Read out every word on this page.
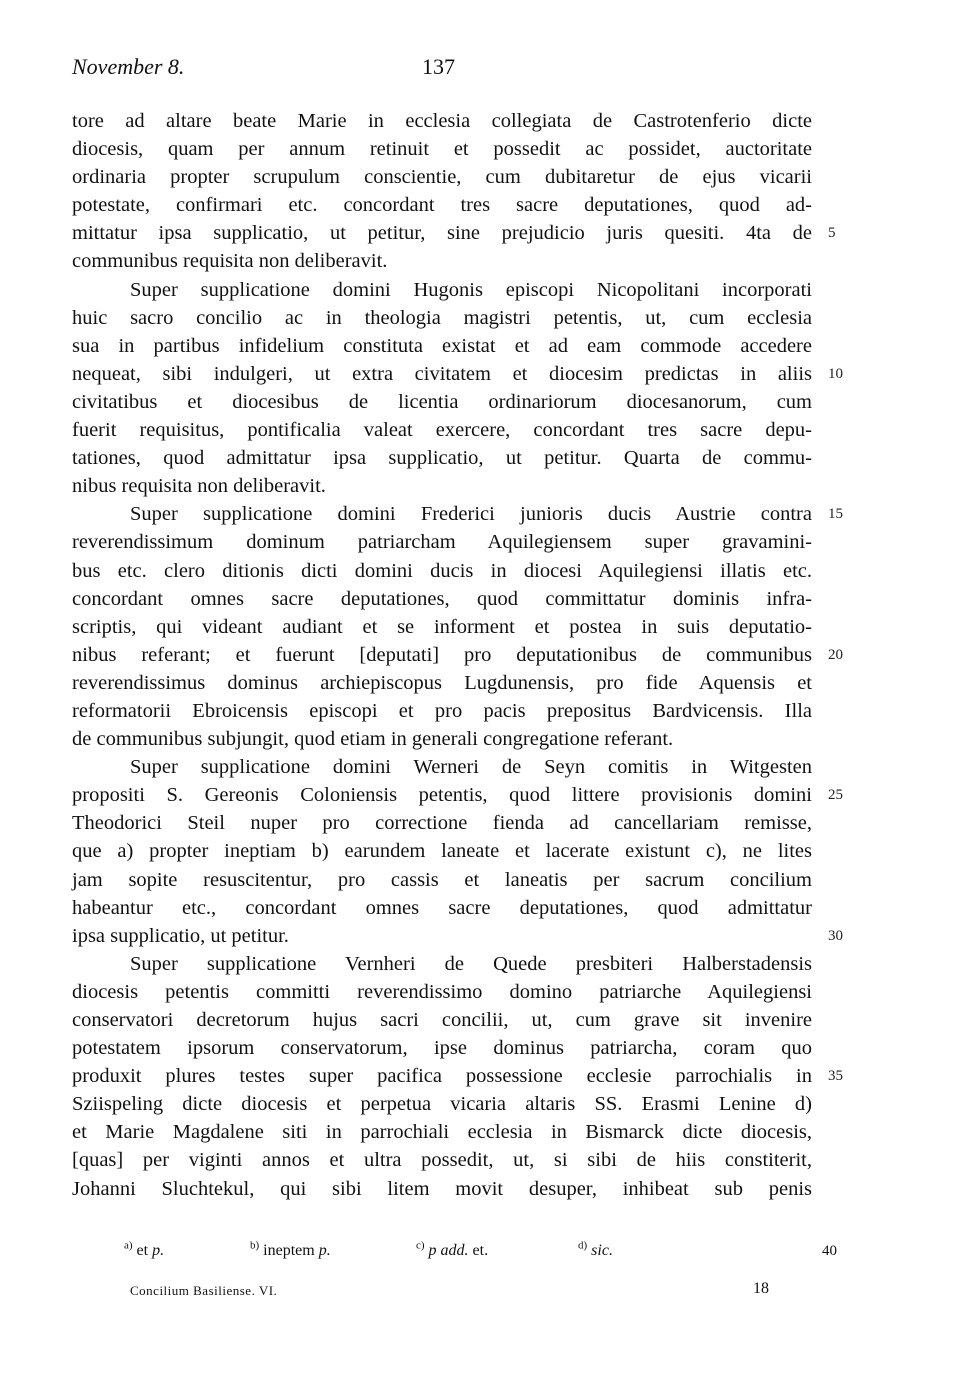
November 8.	137
tore ad altare beate Marie in ecclesia collegiata de Castrotenferio dicte
diocesis, quam per annum retinuit et possedit ac possidet, auctoritate
ordinaria propter scrupulum conscientie, cum dubitaretur de ejus vicarii
potestate, confirmari etc. concordant tres sacre deputationes, quod ad-
mittatur ipsa supplicatio, ut petitur, sine prejudicio juris quesiti. 4ta de 5
communibus requisita non deliberavit.
Super supplicatione domini Hugonis episcopi Nicopolitani incorporati
huic sacro concilio ac in theologia magistri petentis, ut, cum ecclesia
sua in partibus infidelium constituta existat et ad eam commode accedere
nequeat, sibi indulgeri, ut extra civitatem et diocesim predictas in aliis 10
civitatibus et diocesibus de licentia ordinariorum diocesanorum, cum
fuerit requisitus, pontificalia valeat exercere, concordant tres sacre depu-
tationes, quod admittatur ipsa supplicatio, ut petitur. Quarta de commu-
nibus requisita non deliberavit.
Super supplicatione domini Frederici junioris ducis Austrie contra 15
reverendissimum dominum patriarcham Aquilegiensem super gravamini-
bus etc. clero ditionis dicti domini ducis in diocesi Aquilegiensi illatis etc.
concordant omnes sacre deputationes, quod committatur dominis infra-
scriptis, qui videant audiant et se informent et postea in suis deputatio-
nibus referant; et fuerunt [deputati] pro deputationibus de communibus 20
reverendissimus dominus archiepiscopus Lugdunensis, pro fide Aquensis et
reformatorii Ebroicensis episcopi et pro pacis prepositus Bardvicensis. Illa
de communibus subjungit, quod etiam in generali congregatione referant.
Super supplicatione domini Werneri de Seyn comitis in Witgesten
propositi S. Gereonis Coloniensis petentis, quod littere provisionis domini 25
Theodorici Steil nuper pro correctione fienda ad cancellariam remisse,
que a) propter ineptiam b) earundem laneate et lacerate existunt c), ne lites
jam sopite resuscitentur, pro cassis et laneatis per sacrum concilium
habeantur etc., concordant omnes sacre deputationes, quod admittatur
ipsa supplicatio, ut petitur.	30
Super supplicatione Vernheri de Quede presbiteri Halberstadensis
diocesis petentis committi reverendissimo domino patriarche Aquilegiensi
conservatori decretorum hujus sacri concilii, ut, cum grave sit invenire
potestatem ipsorum conservatorum, ipse dominus patriarcha, coram quo
produxit plures testes super pacifica possessione ecclesie parrochialis in 35
Sziispeling dicte diocesis et perpetua vicaria altaris SS. Erasmi Lenine d)
et Marie Magdalene siti in parrochiali ecclesia in Bismarck dicte diocesis,
[quas] per viginti annos et ultra possedit, ut, si sibi de hiis constiterit,
Johanni Sluchtekul, qui sibi litem movit desuper, inhibeat sub penis
$^{a)}$ et p.	$^{b)}$ ineptem p.	$^{c)}$ p add. et.	$^{d)}$ sic.	40
Concilium Basiliense. VI.	18
